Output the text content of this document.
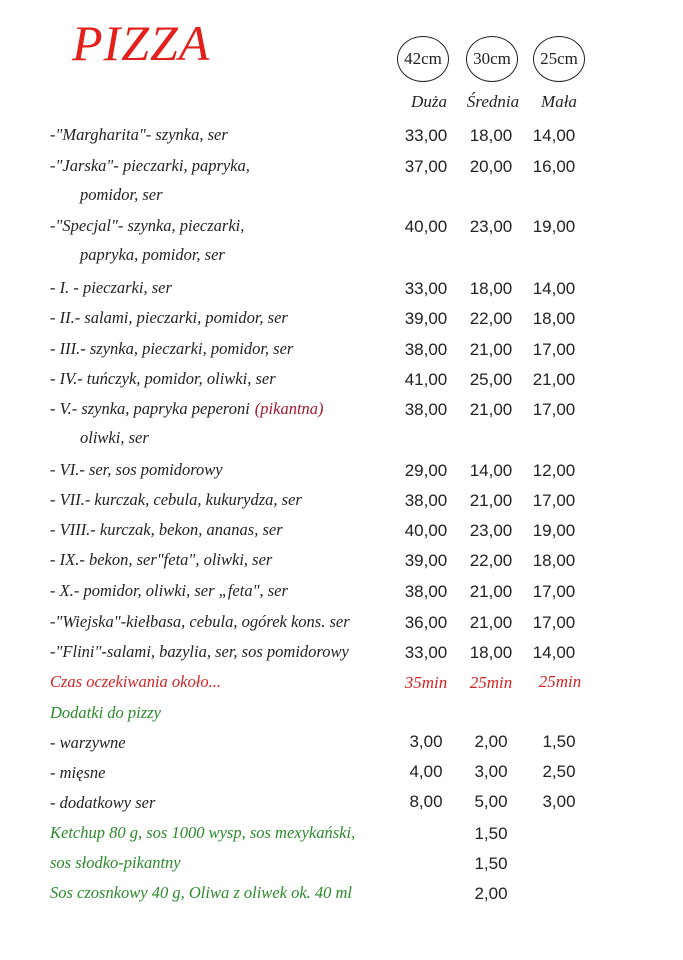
PIZZA	42cm	30cm	25cm
Duża	Średnia	Mała
-"Margharita"- szynka, ser	33,00	18,00	14,00
-"Jarska"- pieczarki, papryka,
pomidor, ser
37,00	20,00	16,00
-"Specjal"- szynka, pieczarki,
papryka, pomidor, ser
40,00	23,00	19,00
- I. - pieczarki, ser	33,00	18,00	14,00
- II.- salami, pieczarki, pomidor, ser	39,00	22,00	18,00
- III.- szynka, pieczarki, pomidor, ser	38,00	21,00	17,00
- IV.- tuńczyk, pomidor, oliwki, ser	41,00	25,00	21,00
- V.- szynka, papryka peperoni (pikantna)
oliwki, ser
38,00	21,00	17,00
- VI.- ser, sos pomidorowy	29,00	14,00	12,00
- VII.- kurczak, cebula, kukurydza, ser	38,00	21,00	17,00
- VIII.- kurczak, bekon, ananas, ser	40,00	23,00	19,00
- IX.- bekon, ser"feta", oliwki, ser	39,00	22,00	18,00
- X.- pomidor, oliwki, ser „feta", ser	38,00	21,00	17,00
-"Wiejska"-kiełbasa, cebula, ogórek kons. ser	36,00	21,00	17,00
-"Flini"-salami, bazylia, ser, sos pomidorowy	33,00	18,00	14,00
Czas oczekiwania około...	35min	25min	25min
Dodatki do pizzy
- warzywne	3,00	2,00	1,50
- mięsne	4,00	3,00	2,50
- dodatkowy ser	8,00	5,00	3,00
Ketchup 80 g, sos 1000 wysp, sos mexykański,	1,50
sos słodko-pikantny	1,50
Sos czosnkowy 40 g, Oliwa z oliwek ok. 40 ml	2,00
